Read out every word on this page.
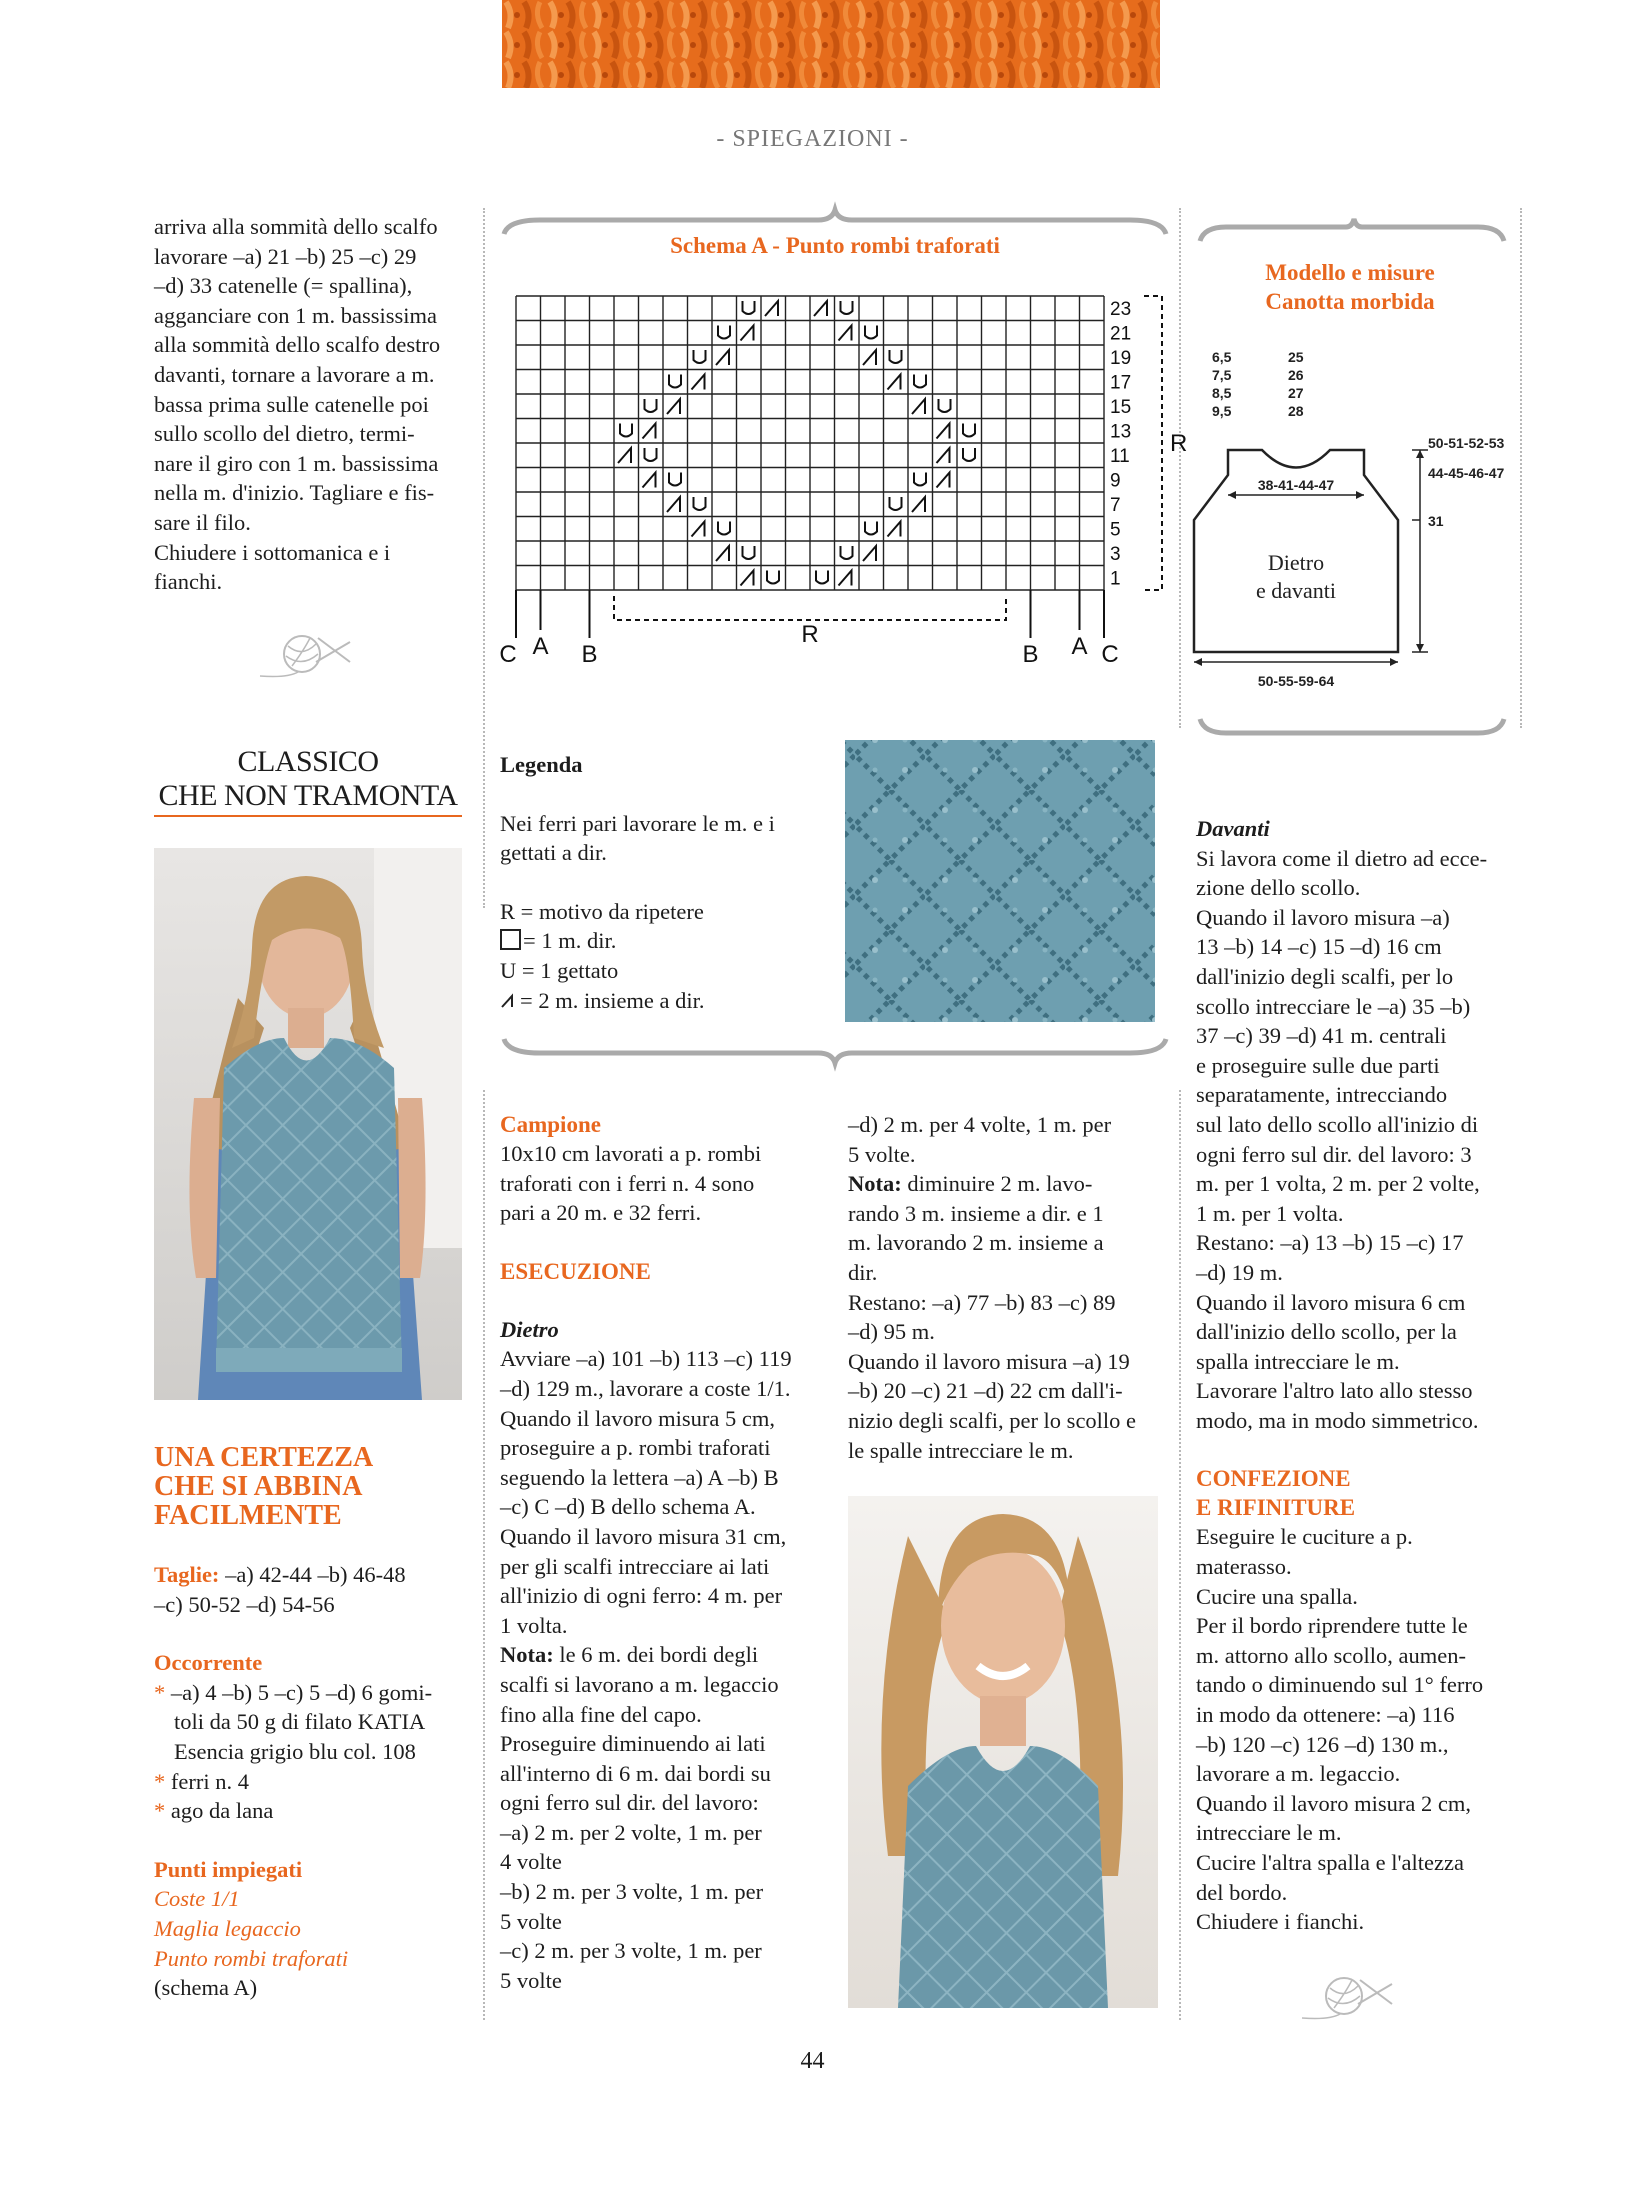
- SPIEGAZIONI -

arriva alla sommità dello scalfo

lavorare –a) 21 –b) 25 –c) 29

–d) 33 catenelle (= spallina),

agganciare con 1 m. bassissima

alla sommità dello scalfo destro

davanti, tornare a lavorare a m.

bassa prima sulle catenelle poi

sullo scollo del dietro, termi-

nare il giro con 1 m. bassissima

nella m. d'inizio. Tagliare e fis-

sare il filo.

Chiudere i sottomanica e i

fianchi.

Schema A - Punto rombi traforati
23
21
19
17
15
13
11
9
7
5
3
1
R
R
C A B	B A C
Modello e misure
Canotta morbida
6,5
7,5
8,5
9,5
25
26
27
28
38-41-44-47
50-55-59-64
50-51-52-53
44-45-46-47
31
Dietro
e davanti
CLASSICO
CHE NON TRAMONTA
UNA CERTEZZA
CHE SI ABBINA
FACILMENTE

Taglie: –a) 42-44 –b) 46-48

–c) 50-52 –d) 54-56

Occorrente

* –a) 4 –b) 5 –c) 5 –d) 6 gomi-

toli da 50 g di filato KATIA

Esencia grigio blu col. 108

* ferri n. 4

* ago da lana

Punti impiegati

Coste 1/1

Maglia legaccio

Punto rombi traforati

(schema A)

Legenda

Nei ferri pari lavorare le m. e i

gettati a dir.

R = motivo da ripetere

= 1 m. dir.

U = 1 gettato

= 2 m. insieme a dir.

Campione

10x10 cm lavorati a p. rombi

traforati con i ferri n. 4 sono

pari a 20 m. e 32 ferri.

ESECUZIONE

Dietro

Avviare –a) 101 –b) 113 –c) 119

–d) 129 m., lavorare a coste 1/1.

Quando il lavoro misura 5 cm,

proseguire a p. rombi traforati

seguendo la lettera –a) A –b) B

–c) C –d) B dello schema A.

Quando il lavoro misura 31 cm,

per gli scalfi intrecciare ai lati

all'inizio di ogni ferro: 4 m. per

1 volta.

Nota: le 6 m. dei bordi degli

scalfi si lavorano a m. legaccio

fino alla fine del capo.

Proseguire diminuendo ai lati

all'interno di 6 m. dai bordi su

ogni ferro sul dir. del lavoro:

–a) 2 m. per 2 volte, 1 m. per

4 volte

–b) 2 m. per 3 volte, 1 m. per

5 volte

–c) 2 m. per 3 volte, 1 m. per

5 volte

–d) 2 m. per 4 volte, 1 m. per

5 volte.

Nota: diminuire 2 m. lavo-

rando 3 m. insieme a dir. e 1

m. lavorando 2 m. insieme a

dir.

Restano: –a) 77 –b) 83 –c) 89

–d) 95 m.

Quando il lavoro misura –a) 19

–b) 20 –c) 21 –d) 22 cm dall'i-

nizio degli scalfi, per lo scollo e

le spalle intrecciare le m.

Davanti

Si lavora come il dietro ad ecce-

zione dello scollo.

Quando il lavoro misura –a)

13 –b) 14 –c) 15 –d) 16 cm

dall'inizio degli scalfi, per lo

scollo intrecciare le –a) 35 –b)

37 –c) 39 –d) 41 m. centrali

e proseguire sulle due parti

separatamente, intrecciando

sul lato dello scollo all'inizio di

ogni ferro sul dir. del lavoro: 3

m. per 1 volta, 2 m. per 2 volte,

1 m. per 1 volta.

Restano: –a) 13 –b) 15 –c) 17

–d) 19 m.

Quando il lavoro misura 6 cm

dall'inizio dello scollo, per la

spalla intrecciare le m.

Lavorare l'altro lato allo stesso

modo, ma in modo simmetrico.

CONFEZIONE

E RIFINITURE

Eseguire le cuciture a p.

materasso.

Cucire una spalla.

Per il bordo riprendere tutte le

m. attorno allo scollo, aumen-

tando o diminuendo sul 1° ferro

in modo da ottenere: –a) 116

–b) 120 –c) 126 –d) 130 m.,

lavorare a m. legaccio.

Quando il lavoro misura 2 cm,

intrecciare le m.

Cucire l'altra spalla e l'altezza

del bordo.

Chiudere i fianchi.

44
